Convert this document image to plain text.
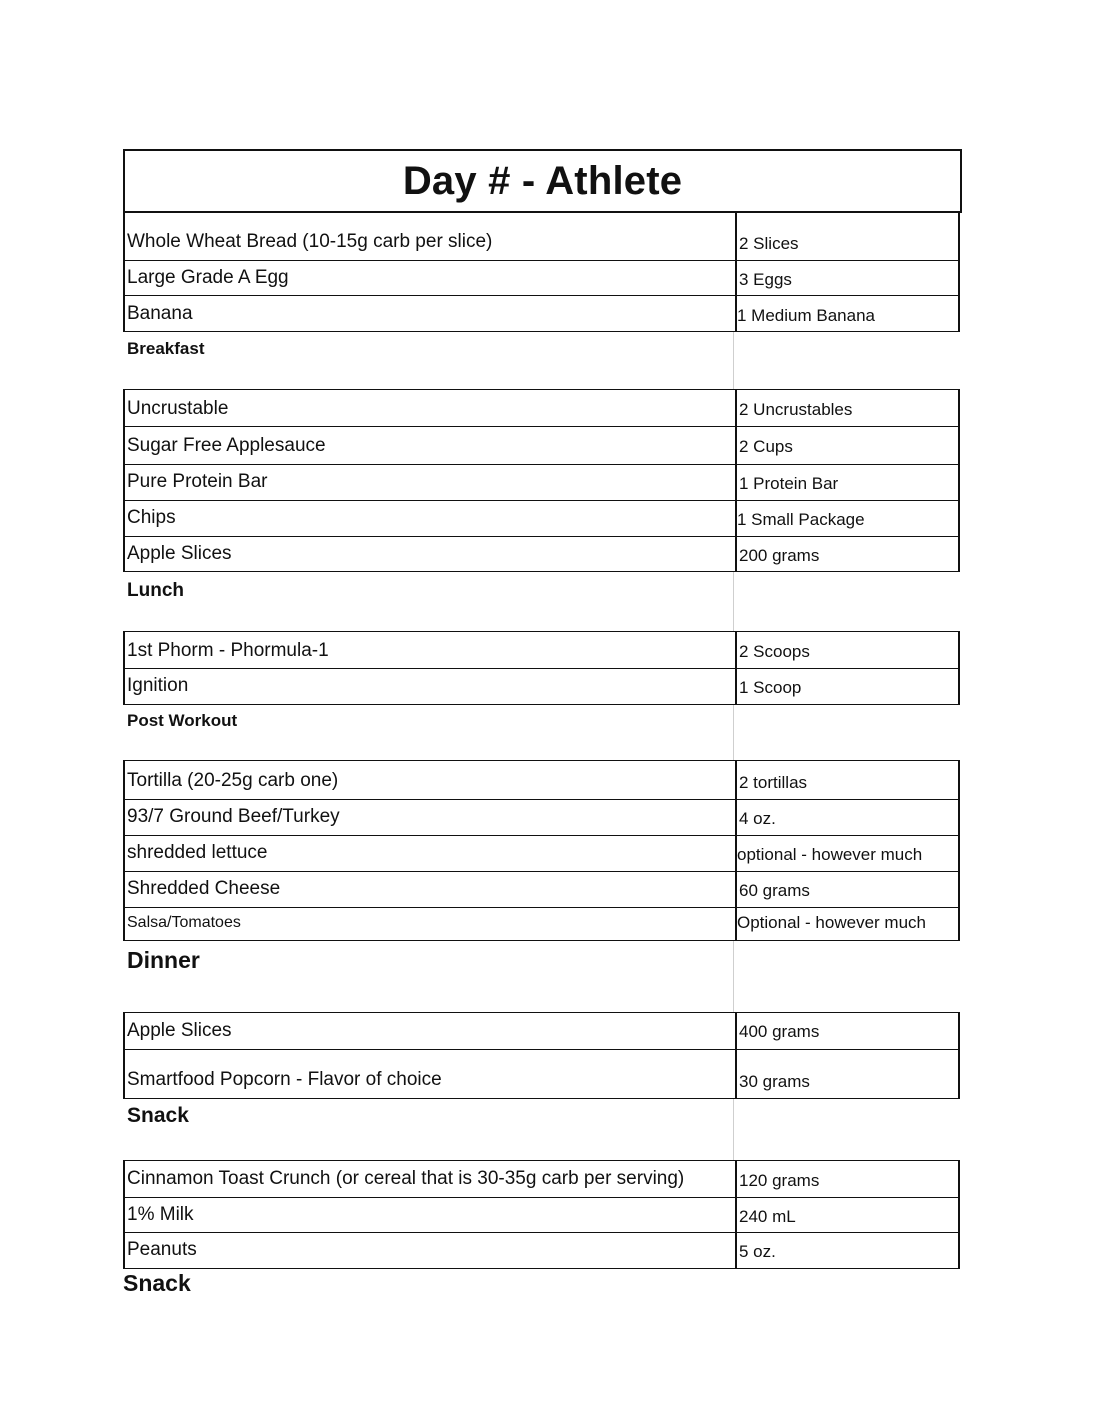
Day # - Athlete
Whole Wheat Bread (10-15g carb per slice)	2 Slices
Large Grade A Egg	3 Eggs
Banana	1 Medium Banana
Breakfast
Uncrustable	2 Uncrustables
Sugar Free Applesauce	2 Cups
Pure Protein Bar	1 Protein Bar
Chips	1 Small Package
Apple Slices	200 grams
Lunch
1st Phorm - Phormula-1	2 Scoops
Ignition	1 Scoop
Post Workout
Tortilla (20-25g carb one)	2 tortillas
93/7 Ground Beef/Turkey	4 oz.
shredded lettuce	optional - however much
Shredded Cheese	60 grams
Salsa/Tomatoes	Optional - however much
Dinner
Apple Slices	400 grams
Smartfood Popcorn - Flavor of choice	30 grams
Snack
Cinnamon Toast Crunch (or cereal that is 30-35g carb per serving)	120 grams
1% Milk	240 mL
Peanuts	5 oz.
Snack
